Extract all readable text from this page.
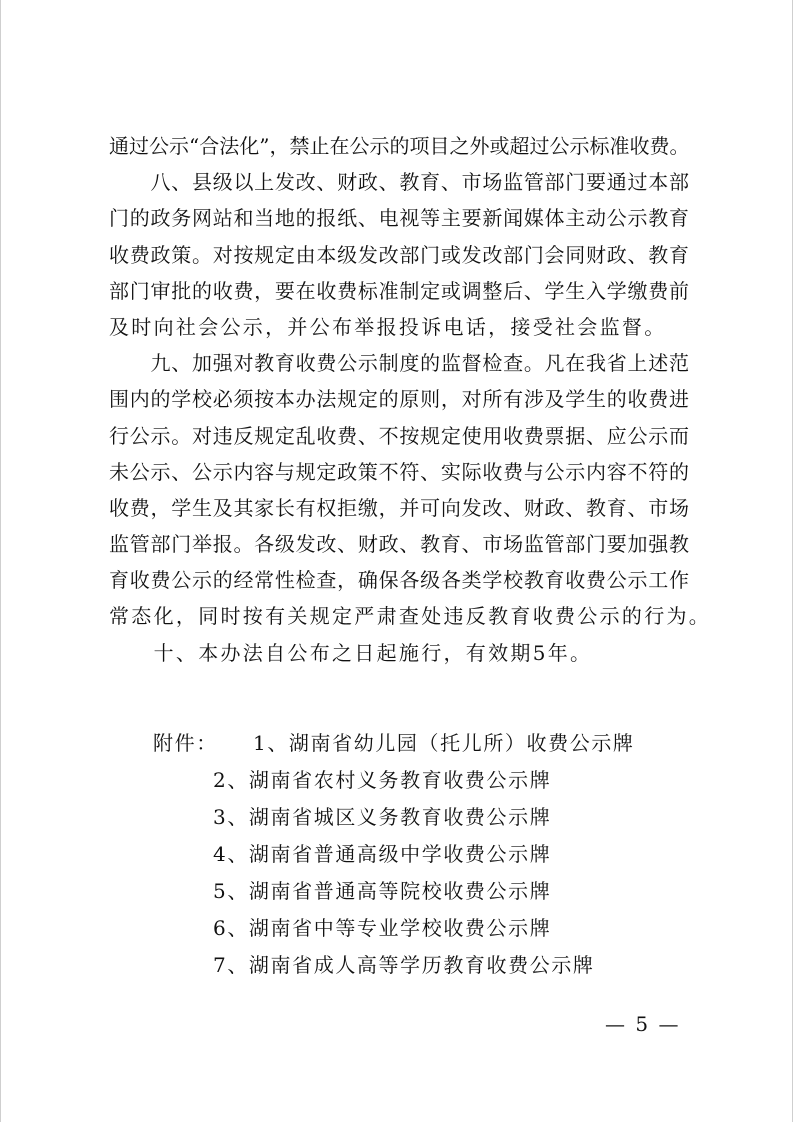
通过公示“合法化”，禁止在公示的项目之外或超过公示标准收费。
　　八、县级以上发改、财政、教育、市场监管部门要通过本部
门的政务网站和当地的报纸、电视等主要新闻媒体主动公示教育
收费政策。对按规定由本级发改部门或发改部门会同财政、教育
部门审批的收费，要在收费标准制定或调整后、学生入学缴费前
及时向社会公示，并公布举报投诉电话，接受社会监督。
　　九、加强对教育收费公示制度的监督检查。凡在我省上述范
围内的学校必须按本办法规定的原则，对所有涉及学生的收费进
行公示。对违反规定乱收费、不按规定使用收费票据、应公示而
未公示、公示内容与规定政策不符、实际收费与公示内容不符的
收费，学生及其家长有权拒缴，并可向发改、财政、教育、市场
监管部门举报。各级发改、财政、教育、市场监管部门要加强教
育收费公示的经常性检查，确保各级各类学校教育收费公示工作
常态化，同时按有关规定严肃查处违反教育收费公示的行为。
　　十、本办法自公布之日起施行，有效期5年。
附件： 1、湖南省幼儿园（托儿所）收费公示牌
2、湖南省农村义务教育收费公示牌
3、湖南省城区义务教育收费公示牌
4、湖南省普通高级中学收费公示牌
5、湖南省普通高等院校收费公示牌
6、湖南省中等专业学校收费公示牌
7、湖南省成人高等学历教育收费公示牌
— 5 —
